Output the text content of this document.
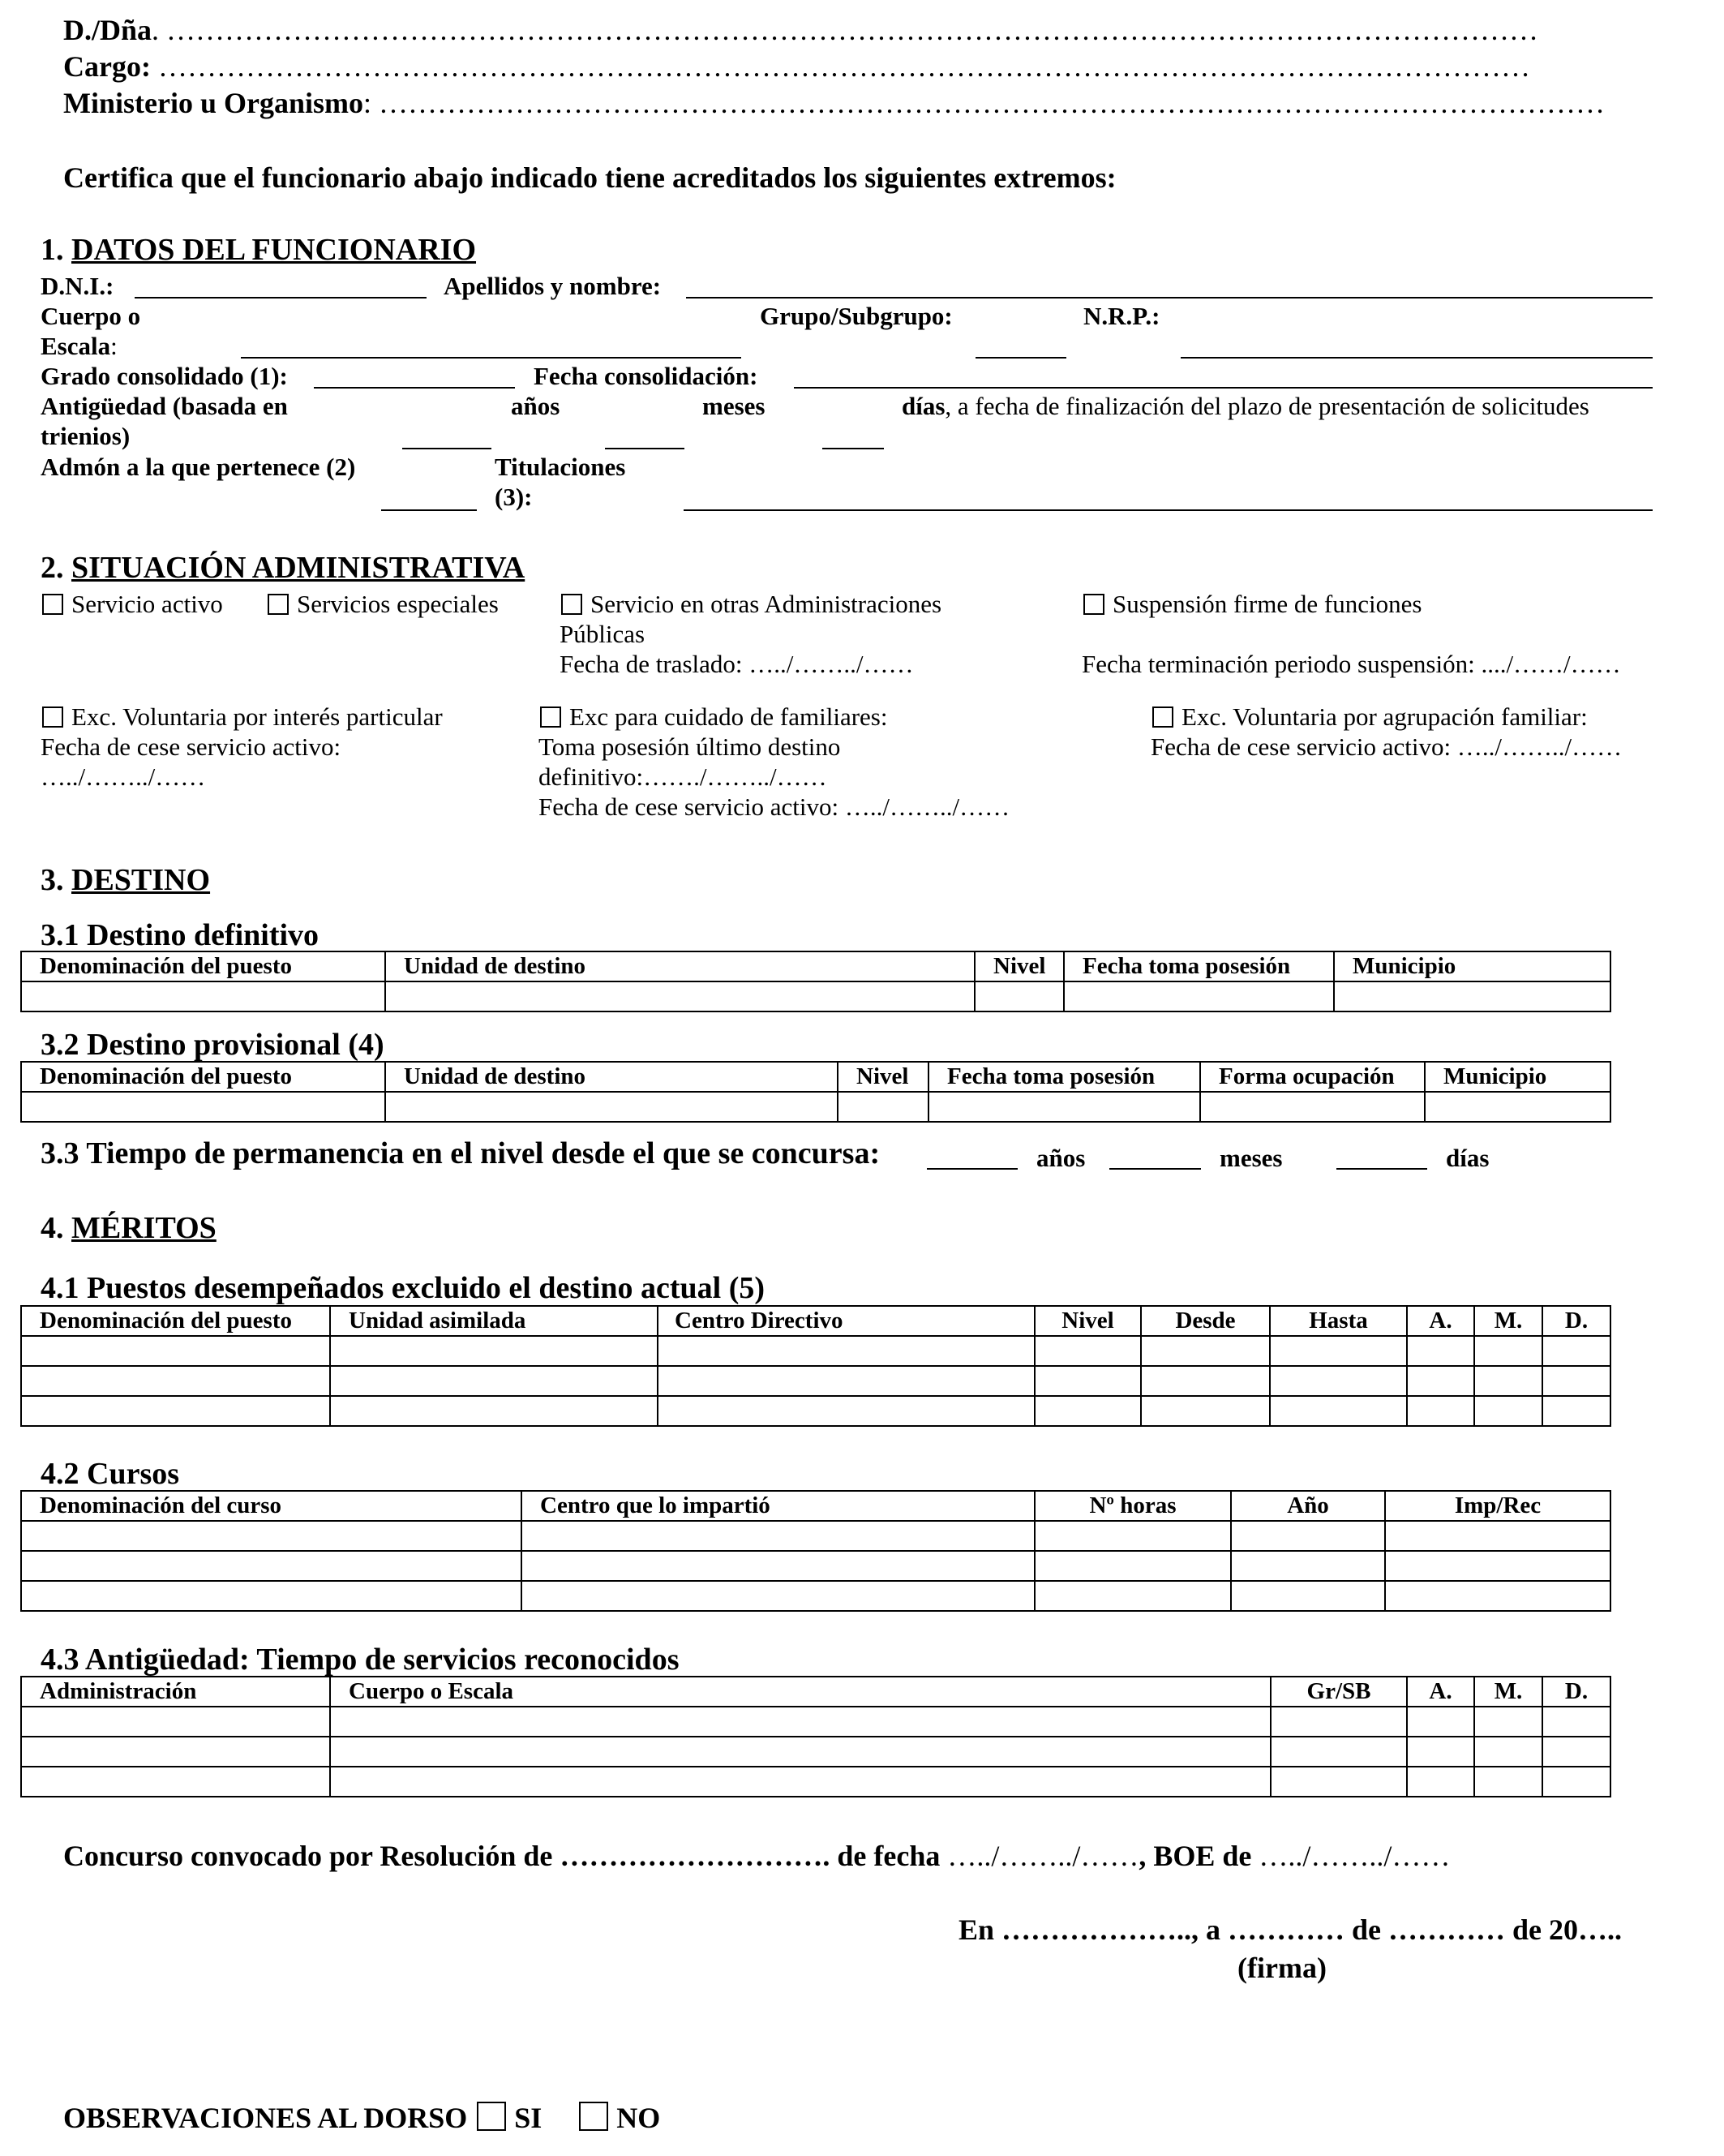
D./Dña. ……………………………………………………………………………………………………………………………
Cargo: ……………………………………………………………………………………………………………………………
Ministerio u Organismo: ………………………………………………………………………………………………………………
Certifica que el funcionario abajo indicado tiene acreditados los siguientes extremos:
1. DATOS DEL FUNCIONARIO
D.N.I.:	Apellidos y nombre:
Cuerpo o	Grupo/Subgrupo:	N.R.P.:
Escala:
Grado consolidado (1):	Fecha consolidación:
Antigüedad (basada en	años	meses	días, a fecha de finalización del plazo de presentación de solicitudes
trienios)
Admón a la que pertenece (2)	Titulaciones
(3):
2. SITUACIÓN ADMINISTRATIVA
Servicio activo	Servicios especiales	Servicio en otras Administraciones
Públicas
Fecha de traslado: …../……../……
Suspensión firme de funciones
Fecha terminación periodo suspensión: ..../……/……
Exc. Voluntaria por interés particular
Fecha de cese servicio activo:
…../……../……
Exc para cuidado de familiares:
Toma posesión último destino
definitivo:……./……../……
Fecha de cese servicio activo: …../……../……
Exc. Voluntaria por agrupación familiar:
Fecha de cese servicio activo: …../……../……
3. DESTINO
3.1 Destino definitivo
Denominación del puesto	Unidad de destino	Nivel	Fecha toma posesión	Municipio

3.2 Destino provisional (4)
Denominación del puesto	Unidad de destino	Nivel	Fecha toma posesión	Forma ocupación	Municipio

3.3 Tiempo de permanencia en el nivel desde el que se concursa:	años	meses	días
4. MÉRITOS
4.1 Puestos desempeñados excluido el destino actual (5)
Denominación del puesto	Unidad asimilada	Centro Directivo	Nivel	Desde	Hasta	A.	M.	D.

4.2 Cursos
Denominación del curso	Centro que lo impartió	Nº horas	Año	Imp/Rec

4.3 Antigüedad: Tiempo de servicios reconocidos
Administración	Cuerpo o Escala	Gr/SB	A.	M.	D.

Concurso convocado por Resolución de ………………………. de fecha …../……../……, BOE de …../……../……
En ……………….., a ………… de ………… de 20…..
(firma)
OBSERVACIONES AL DORSO SI	NO
